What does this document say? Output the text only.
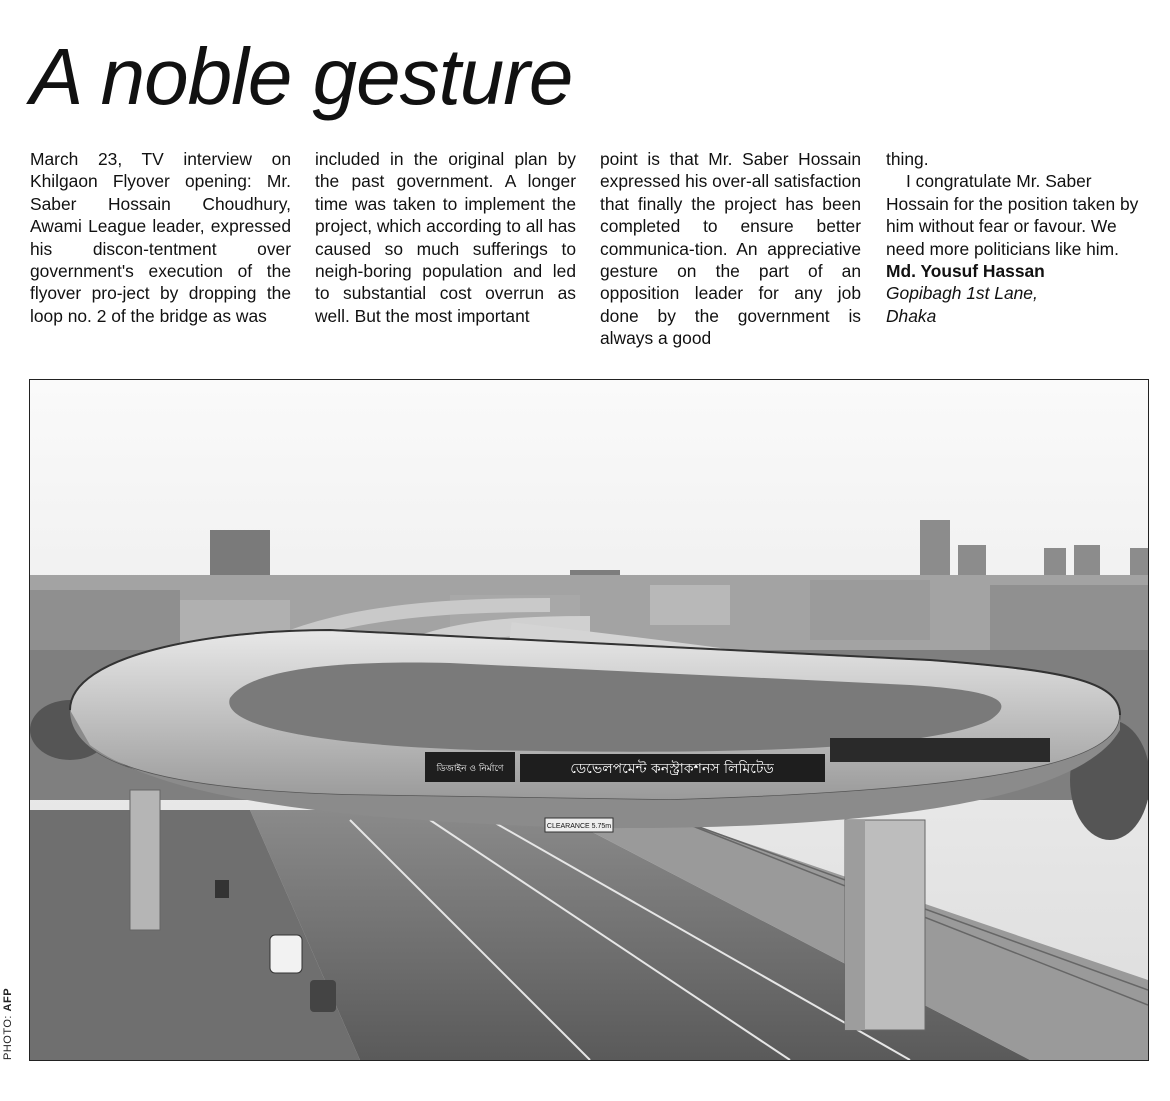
A noble gesture

March 23, TV interview on Khilgaon Flyover opening: Mr. Saber Hossain Choudhury, Awami League leader, expressed his discon-tentment over government's execution of the flyover pro-ject by dropping the loop no. 2 of the bridge as was

included in the original plan by the past government. A longer time was taken to implement the project, which according to all has caused so much sufferings to neigh-boring population and led to substantial cost overrun as well. But the most important

point is that Mr. Saber Hossain expressed his over-all satisfaction that finally the project has been completed to ensure better communica-tion. An appreciative gesture on the part of an opposition leader for any job done by the government is always a good

thing.

I congratulate Mr. Saber Hossain for the position taken by him without fear or favour. We need more politicians like him.

Md. Yousuf Hassan

Gopibagh 1st Lane,

Dhaka

ডিজাইন ও নির্মাণে	ডেভেলপমেন্ট কনস্ট্রাকশনস লিমিটেড
CLEARANCE 5.75m
PHOTO: AFP
